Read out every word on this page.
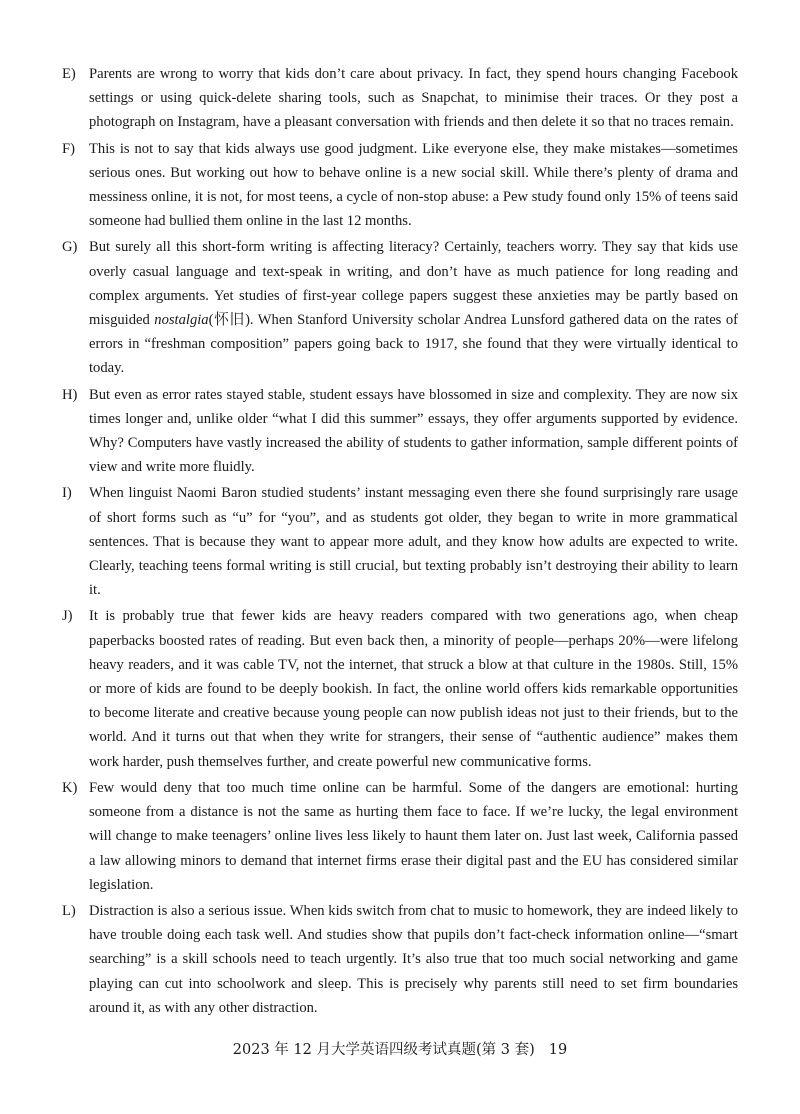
E) Parents are wrong to worry that kids don’t care about privacy. In fact, they spend hours changing Facebook settings or using quick-delete sharing tools, such as Snapchat, to minimise their traces. Or they post a photograph on Instagram, have a pleasant conversation with friends and then delete it so that no traces remain.

F) This is not to say that kids always use good judgment. Like everyone else, they make mistakes—sometimes serious ones. But working out how to behave online is a new social skill. While there’s plenty of drama and messiness online, it is not, for most teens, a cycle of non-stop abuse: a Pew study found only 15% of teens said someone had bullied them online in the last 12 months.

G) But surely all this short-form writing is affecting literacy? Certainly, teachers worry. They say that kids use overly casual language and text-speak in writing, and don’t have as much patience for long reading and complex arguments. Yet studies of first-year college papers suggest these anxieties may be partly based on misguided nostalgia(怀旧). When Stanford University scholar Andrea Lunsford gathered data on the rates of errors in “freshman composition” papers going back to 1917, she found that they were virtually identical to today.

H) But even as error rates stayed stable, student essays have blossomed in size and complexity. They are now six times longer and, unlike older “what I did this summer” essays, they offer arguments supported by evidence. Why? Computers have vastly increased the ability of students to gather information, sample different points of view and write more fluidly.

I) When linguist Naomi Baron studied students’ instant messaging even there she found surprisingly rare usage of short forms such as “u” for “you”, and as students got older, they began to write in more grammatical sentences. That is because they want to appear more adult, and they know how adults are expected to write. Clearly, teaching teens formal writing is still crucial, but texting probably isn’t destroying their ability to learn it.

J) It is probably true that fewer kids are heavy readers compared with two generations ago, when cheap paperbacks boosted rates of reading. But even back then, a minority of people—perhaps 20%—were lifelong heavy readers, and it was cable TV, not the internet, that struck a blow at that culture in the 1980s. Still, 15% or more of kids are found to be deeply bookish. In fact, the online world offers kids remarkable opportunities to become literate and creative because young people can now publish ideas not just to their friends, but to the world. And it turns out that when they write for strangers, their sense of “authentic audience” makes them work harder, push themselves further, and create powerful new communicative forms.

K) Few would deny that too much time online can be harmful. Some of the dangers are emotional: hurting someone from a distance is not the same as hurting them face to face. If we’re lucky, the legal environment will change to make teenagers’ online lives less likely to haunt them later on. Just last week, California passed a law allowing minors to demand that internet firms erase their digital past and the EU has considered similar legislation.

L) Distraction is also a serious issue. When kids switch from chat to music to homework, they are indeed likely to have trouble doing each task well. And studies show that pupils don’t fact-check information online—“smart searching” is a skill schools need to teach urgently. It’s also true that too much social networking and game playing can cut into schoolwork and sleep. This is precisely why parents still need to set firm boundaries around it, as with any other distraction.

2023 年 12 月大学英语四级考试真题(第 3 套) 19
